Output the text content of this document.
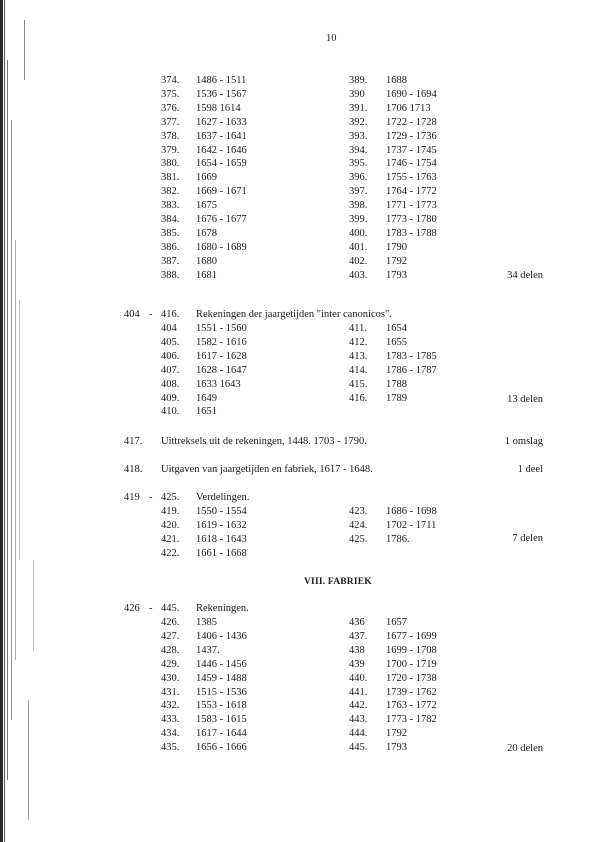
10
374. 1486 - 1511
375. 1536 - 1567
376. 1598 1614
377. 1627 - 1633
378. 1637 - 1641
379. 1642 - 1646
380. 1654 - 1659
381. 1669
382. 1669 - 1671
383. 1675
384. 1676 - 1677
385. 1678
386. 1680 - 1689
387. 1680
388. 1681
389. 1688
390 1690 - 1694
391. 1706 1713
392. 1722 - 1728
393. 1729 - 1736
394. 1737 - 1745
395. 1746 - 1754
396. 1755 - 1763
397. 1764 - 1772
398. 1771 - 1773
399. 1773 - 1780
400. 1783 - 1788
401. 1790
402. 1792
403. 1793	34 delen
404 - 416. Rekeningen der jaargetijden "inter canonicos".
404 1551 - 1560
405. 1582 - 1616
406. 1617 - 1628
407. 1628 - 1647
408. 1633 1643
409. 1649
410. 1651
411. 1654
412. 1655
413. 1783 - 1785
414. 1786 - 1787
415. 1788
416. 1789	13 delen
417. Uittreksels uit de rekeningen, 1448. 1703 - 1790.	1 omslag
418. Uitgaven van jaargetijden en fabriek, 1617 - 1648.	1 deel
419 - 425. Verdelingen.
419. 1550 - 1554
420. 1619 - 1632
421. 1618 - 1643
422. 1661 - 1668
423. 1686 - 1698
424. 1702 - 1711
425. 1786.	7 delen
426 - 445. Rekeningen.
426. 1385
427. 1406 - 1436
428. 1437.
429. 1446 - 1456
430. 1459 - 1488
431. 1515 - 1536
432. 1553 - 1618
433. 1583 - 1615
434. 1617 - 1644
435. 1656 - 1666
436 1657
437. 1677 - 1699
438 1699 - 1708
439 1700 - 1719
440. 1720 - 1738
441. 1739 - 1762
442. 1763 - 1772
443. 1773 - 1782
444. 1792
445. 1793	20 delen
VIII. FABRIEK
